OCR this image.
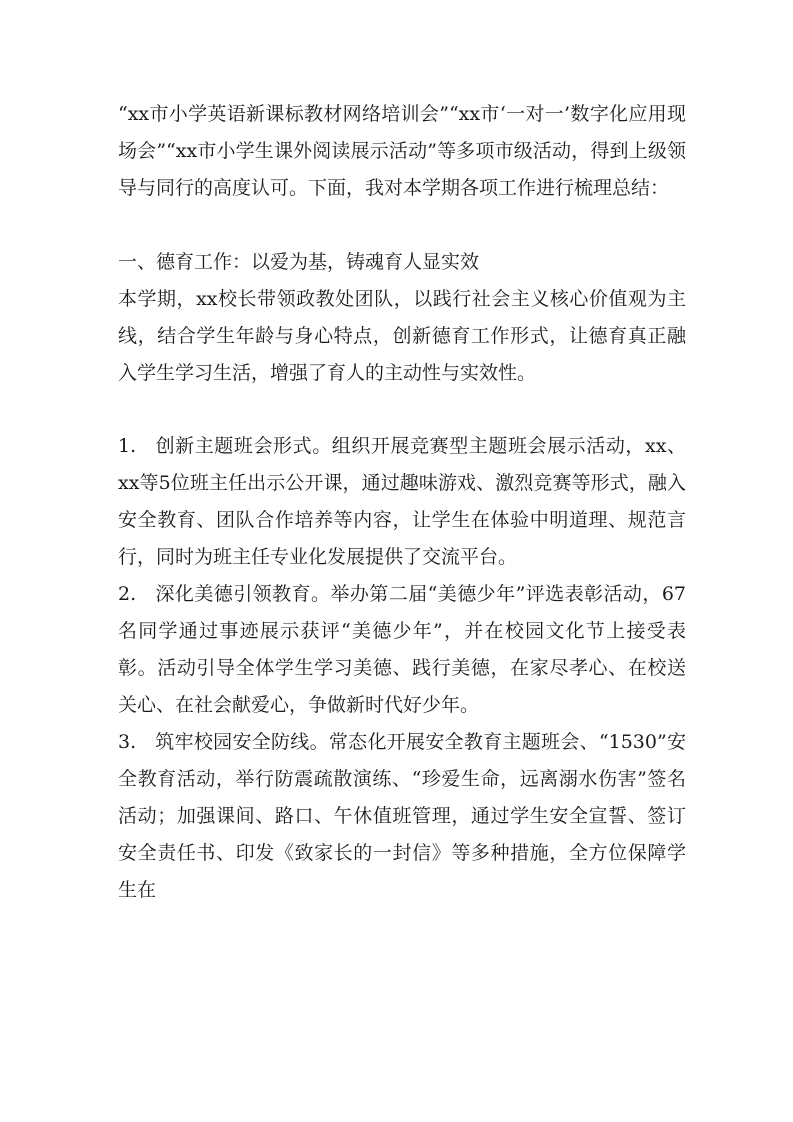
“xx市小学英语新课标教材网络培训会”“xx市‘一对一’数字化应用现场会”“xx市小学生课外阅读展示活动”等多项市级活动，得到上级领导与同行的高度认可。下面，我对本学期各项工作进行梳理总结：

一、德育工作：以爱为基，铸魂育人显实效

本学期，xx校长带领政教处团队，以践行社会主义核心价值观为主线，结合学生年龄与身心特点，创新德育工作形式，让德育真正融入学生学习生活，增强了育人的主动性与实效性。

1. 创新主题班会形式。组织开展竞赛型主题班会展示活动，xx、xx等5位班主任出示公开课，通过趣味游戏、激烈竞赛等形式，融入安全教育、团队合作培养等内容，让学生在体验中明道理、规范言行，同时为班主任专业化发展提供了交流平台。

2. 深化美德引领教育。举办第二届“美德少年”评选表彰活动，67名同学通过事迹展示获评“美德少年”，并在校园文化节上接受表彰。活动引导全体学生学习美德、践行美德，在家尽孝心、在校送关心、在社会献爱心，争做新时代好少年。

3. 筑牢校园安全防线。常态化开展安全教育主题班会、“1530”安全教育活动，举行防震疏散演练、“珍爱生命，远离溺水伤害”签名活动；加强课间、路口、午休值班管理，通过学生安全宣誓、签订安全责任书、印发《致家长的一封信》等多种措施，全方位保障学生在
